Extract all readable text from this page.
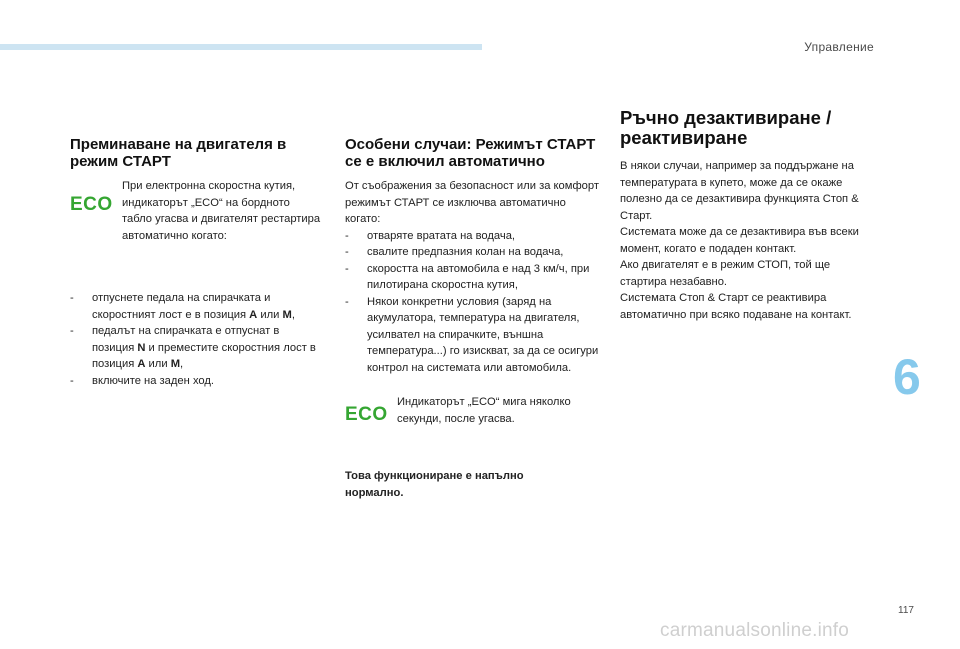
Управление
6
117
carmanualsonline.info
Преминаване на двигателя в режим СТАРТ
ECO

При електронна скоростна кутия, индикаторът „ECO“ на бордното табло угасва и двигателят рестартира автоматично когато:

- отпуснете педала на спирачката и скоростният лост е в позиция A или M,
- педалът на спирачката е отпуснат в позиция N и преместите скоростния лост в позиция A или M,
- включите на заден ход.
Особени случаи: Режимът СТАРТ се е включил автоматично

От съображения за безопасност или за комфорт режимът СТАРТ се изключва автоматично когато:

- отваряте вратата на водача,
- свалите предпазния колан на водача,
- скоростта на автомобила е над 3 км/ч, при пилотирана скоростна кутия,
- Някои конкретни условия (заряд на акумулатора, температура на двигателя, усилвател на спирачките, външна температура...) го изискват, за да се осигури контрол на системата или автомобила.
ECO

Индикаторът „ECO“ мига няколко секунди, после угасва.

Това функциониране е напълно нормално.

Ръчно дезактивиране / реактивиране

В някои случаи, например за поддържане на температурата в купето, може да се окаже полезно да се дезактивира функцията Стоп & Старт.

Системата може да се дезактивира във всеки момент, когато е подаден контакт.

Ако двигателят е в режим СТОП, той ще стартира незабавно.

Системата Стоп & Старт се реактивира автоматично при всяко подаване на контакт.
